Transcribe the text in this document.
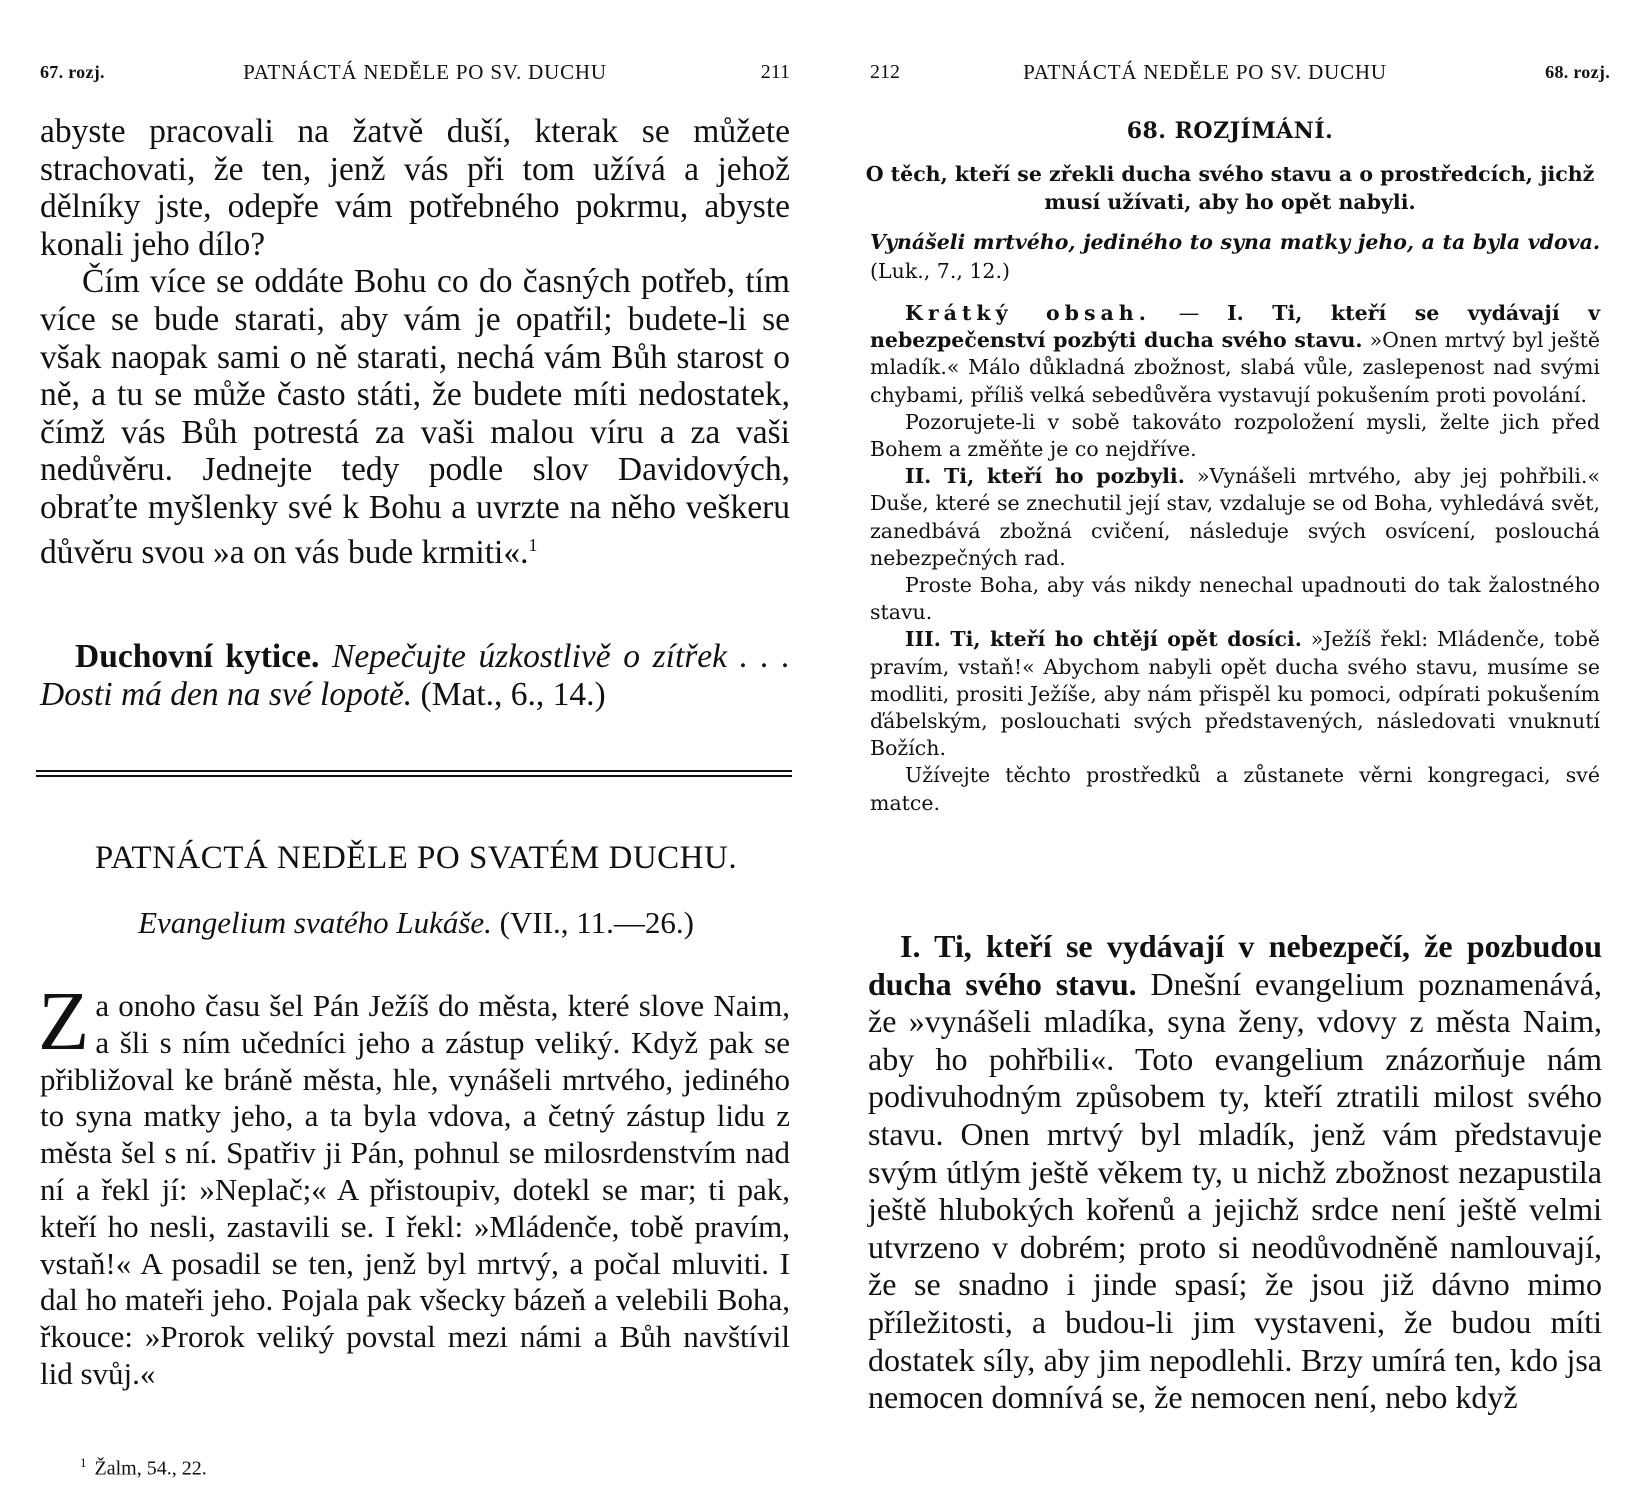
67. rozj.	PATNÁCTÁ NEDĚLE PO SV. DUCHU	211

abyste pracovali na žatvě duší, kterak se můžete strachovati, že ten, jenž vás při tom užívá a jehož dělníky jste, odepře vám potřebného pokrmu, abyste konali jeho dílo?

Čím více se oddáte Bohu co do časných potřeb, tím více se bude starati, aby vám je opatřil; budete-li se však naopak sami o ně starati, nechá vám Bůh starost o ně, a tu se může často státi, že budete míti nedostatek, čímž vás Bůh potrestá za vaši malou víru a za vaši nedůvěru. Jednejte tedy podle slov Davidových, obraťte myšlenky své k Bohu a uvrzte na něho veškeru důvěru svou »a on vás bude krmiti«.$^1$

Duchovní kytice. Nepečujte úzkostlivě o zítřek . . . Dosti má den na své lopotě. (Mat., 6., 14.)
PATNÁCTÁ NEDĚLE PO SVATÉM DUCHU.
Evangelium svatého Lukáše. (VII., 11.—26.)
Z a onoho času šel Pán Ježíš do města, které slove Naim, a šli s ním učedníci jeho a zástup veliký. Když pak se přibližoval ke bráně města, hle, vynášeli mrtvého, jediného to syna matky jeho, a ta byla vdova, a četný zástup lidu z města šel s ní. Spatřiv ji Pán, pohnul se milosrdenstvím nad ní a řekl jí: »Neplač;« A přistoupiv, dotekl se mar; ti pak, kteří ho nesli, zastavili se. I řekl: »Mládenče, tobě pravím, vstaň!« A posadil se ten, jenž byl mrtvý, a počal mluviti. I dal ho mateři jeho. Pojala pak všecky bázeň a velebili Boha, řkouce: »Prorok veliký povstal mezi námi a Bůh navštívil lid svůj.«
$^1$ Žalm, 54., 22.
212	PATNÁCTÁ NEDĚLE PO SV. DUCHU	68. rozj.
68. ROZJÍMÁNÍ.
O těch, kteří se zřekli ducha svého stavu a o prostředcích, jichž musí užívati, aby ho opět nabyli.
Vynášeli mrtvého, jediného to syna matky jeho, a ta byla vdova. (Luk., 7., 12.)

Krátký obsah. — I. Ti, kteří se vydávají v nebezpečenství pozbýti ducha svého stavu. »Onen mrtvý byl ještě mladík.« Málo důkladná zbožnost, slabá vůle, zaslepenost nad svými chybami, příliš velká sebedůvěra vystavují pokušením proti povolání.

Pozorujete-li v sobě takováto rozpoložení mysli, želte jich před Bohem a změňte je co nejdříve.

II. Ti, kteří ho pozbyli. »Vynášeli mrtvého, aby jej pohřbili.« Duše, které se znechutil její stav, vzdaluje se od Boha, vyhledává svět, zanedbává zbožná cvičení, následuje svých osvícení, poslouchá nebezpečných rad.

Proste Boha, aby vás nikdy nenechal upadnouti do tak žalostného stavu.

III. Ti, kteří ho chtějí opět dosíci. »Ježíš řekl: Mládenče, tobě pravím, vstaň!« Abychom nabyli opět ducha svého stavu, musíme se modliti, prositi Ježíše, aby nám přispěl ku pomoci, odpírati pokušením ďábelským, poslouchati svých představených, následovati vnuknutí Božích.

Užívejte těchto prostředků a zůstanete věrni kongregaci, své matce.

I. Ti, kteří se vydávají v nebezpečí, že pozbudou ducha svého stavu. Dnešní evangelium poznamenává, že »vynášeli mladíka, syna ženy, vdovy z města Naim, aby ho pohřbili«. Toto evangelium znázorňuje nám podivuhodným způsobem ty, kteří ztratili milost svého stavu. Onen mrtvý byl mladík, jenž vám představuje svým útlým ještě věkem ty, u nichž zbožnost nezapustila ještě hlubokých kořenů a jejichž srdce není ještě velmi utvrzeno v dobrém; proto si neodůvodněně namlouvají, že se snadno i jinde spasí; že jsou již dávno mimo příležitosti, a budou-li jim vystaveni, že budou míti dostatek síly, aby jim nepodlehli. Brzy umírá ten, kdo jsa nemocen domnívá se, že nemocen není, nebo když
